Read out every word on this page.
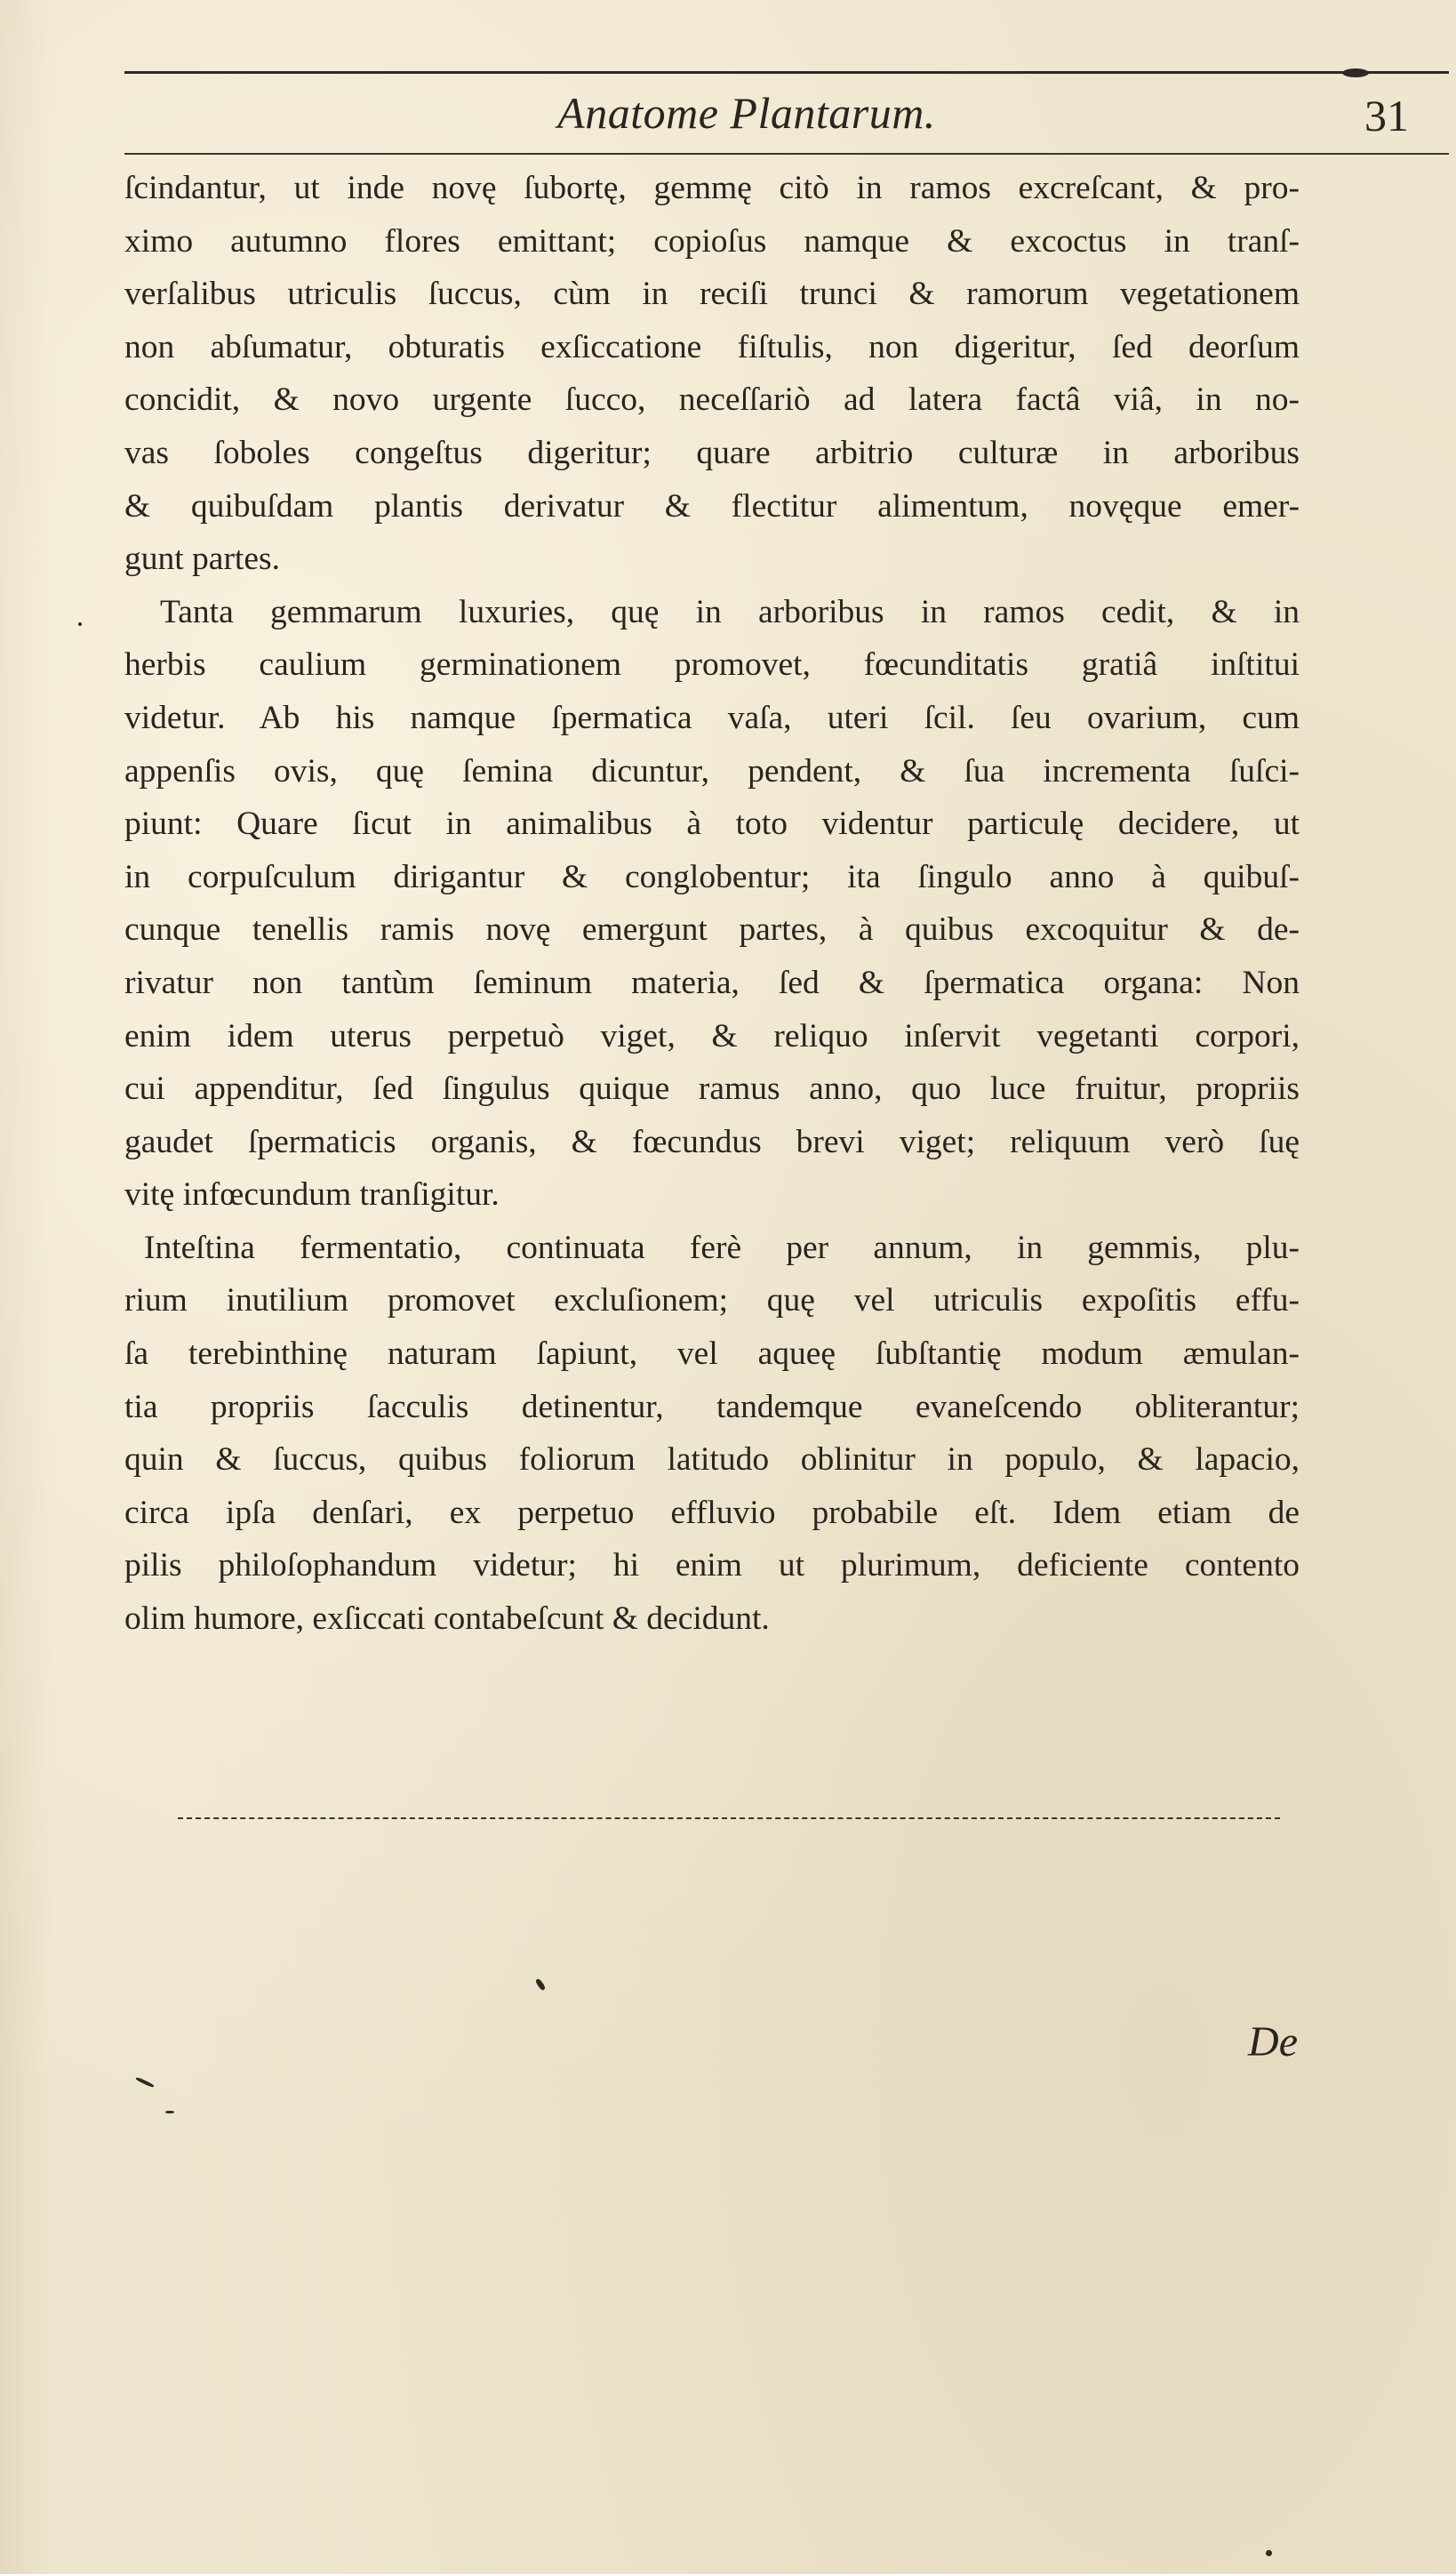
Anatome Plantarum.	31
ſcindantur, ut inde novę ſubortę, gemmę citò in ramos excreſcant, & pro-
ximo autumno flores emittant; copioſus namque & excoctus in tranſ-
verſalibus utriculis ſuccus, cùm in reciſi trunci & ramorum vegetationem
non abſumatur, obturatis exſiccatione fiſtulis, non digeritur, ſed deorſum
concidit, & novo urgente ſucco, neceſſariò ad latera factâ viâ, in no-
vas ſoboles congeſtus digeritur; quare arbitrio culturæ in arboribus
& quibuſdam plantis derivatur & flectitur alimentum, novęque emer-
gunt partes.
Tanta gemmarum luxuries, quę in arboribus in ramos cedit, & in
herbis caulium germinationem promovet, fœcunditatis gratiâ inſtitui
videtur. Ab his namque ſpermatica vaſa, uteri ſcil. ſeu ovarium, cum
appenſis ovis, quę ſemina dicuntur, pendent, & ſua incrementa ſuſci-
piunt: Quare ſicut in animalibus à toto videntur particulę decidere, ut
in corpuſculum dirigantur & conglobentur; ita ſingulo anno à quibuſ-
cunque tenellis ramis novę emergunt partes, à quibus excoquitur & de-
rivatur non tantùm ſeminum materia, ſed & ſpermatica organa: Non
enim idem uterus perpetuò viget, & reliquo inſervit vegetanti corpori,
cui appenditur, ſed ſingulus quique ramus anno, quo luce fruitur, propriis
gaudet ſpermaticis organis, & fœcundus brevi viget; reliquum verò ſuę
vitę infœcundum tranſigitur.
Inteſtina fermentatio, continuata ferè per annum, in gemmis, plu-
rium inutilium promovet excluſionem; quę vel utriculis expoſitis effu-
ſa terebinthinę naturam ſapiunt, vel aqueę ſubſtantię modum æmulan-
tia propriis ſacculis detinentur, tandemque evaneſcendo obliterantur;
quin & ſuccus, quibus foliorum latitudo oblinitur in populo, & lapacio,
circa ipſa denſari, ex perpetuo effluvio probabile eſt. Idem etiam de
pilis philoſophandum videtur; hi enim ut plurimum, deficiente contento
olim humore, exſiccati contabeſcunt & decidunt.
De
